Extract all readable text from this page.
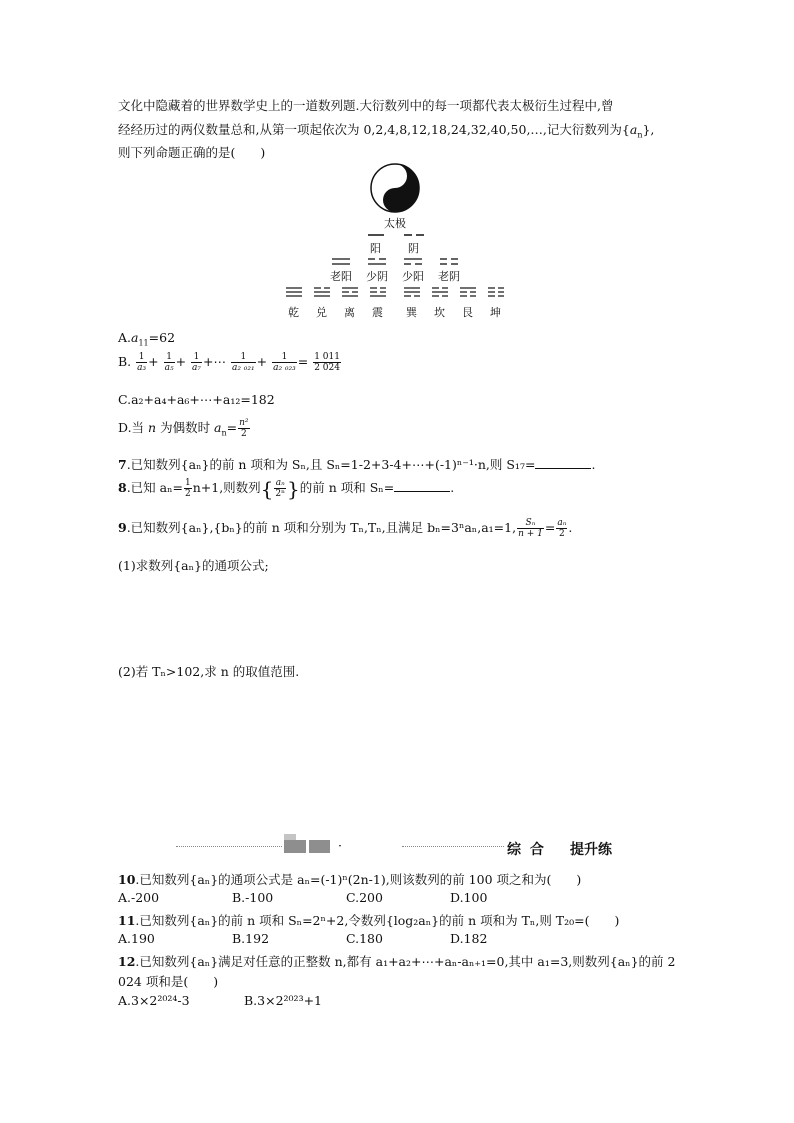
文化中隐藏着的世界数学史上的一道数列题.大衍数列中的每一项都代表太极衍生过程中,曾
经经历过的两仪数量总和,从第一项起依次为 0,2,4,8,12,18,24,32,40,50,…,记大衍数列为$\{a_n\}$,
则下列命题正确的是(　　)
太极
阳 阴
老阳 少阴 少阳 老阴
乾 兑 离 震 巽 坎 艮 坤
$A.a_{11}=62$
B. $\frac{1}{\text{a₃}} + \frac{1}{\text{a₅}} + \frac{1}{\text{a₇}}$ +⋯ $\frac{1}{\text{a₂ ₀₂₁}} + \frac{1}{\text{a₂ ₀₂₃}} = \frac{1 011}{2 024}$
C.a₂+a₄+a₆+⋯+a₁₂=182
D.当 n 为偶数时 $a_n= \frac{\text{n²}}{2}$
7.已知数列{aₙ}的前 n 项和为 Sₙ,且 Sₙ=1-2+3-4+⋯+(-1)ⁿ⁻¹·n,则 S₁₇=	.
8.已知 $a_n= \frac{1}{2} n+1$,则数列{ $\frac{\text{aₙ}}{\text{2ⁿ}}$ }的前 n 项和 Sₙ=	.
9.已知数列{aₙ},{bₙ}的前 n 项和分别为 Tₙ,Tₙ,且满足 bₙ=3ⁿaₙ,a₁=1, $\frac{\text{Sₙ}}{n + 1} = \frac{\text{aₙ}}{2}$ .
(1)求数列{aₙ}的通项公式;
(2)若 Tₙ>102,求 n 的取值范围.
·	综 合 提升练
10.已知数列{aₙ}的通项公式是 aₙ=(-1)ⁿ(2n-1),则该数列的前 100 项之和为(　　)
A.-200	B.-100	C.200	D.100
11.已知数列{aₙ}的前 n 项和 Sₙ=2ⁿ+2,令数列{log₂aₙ}的前 n 项和为 Tₙ,则 T₂₀=(　　)
A.190	B.192	C.180	D.182
12.已知数列{aₙ}满足对任意的正整数 n,都有 a₁+a₂+⋯+aₙ-aₙ₊₁=0,其中 a₁=3,则数列{aₙ}的前 2
024 项和是(　　)
A.3×2²⁰²⁴-3	B.3×2²⁰²³+1
